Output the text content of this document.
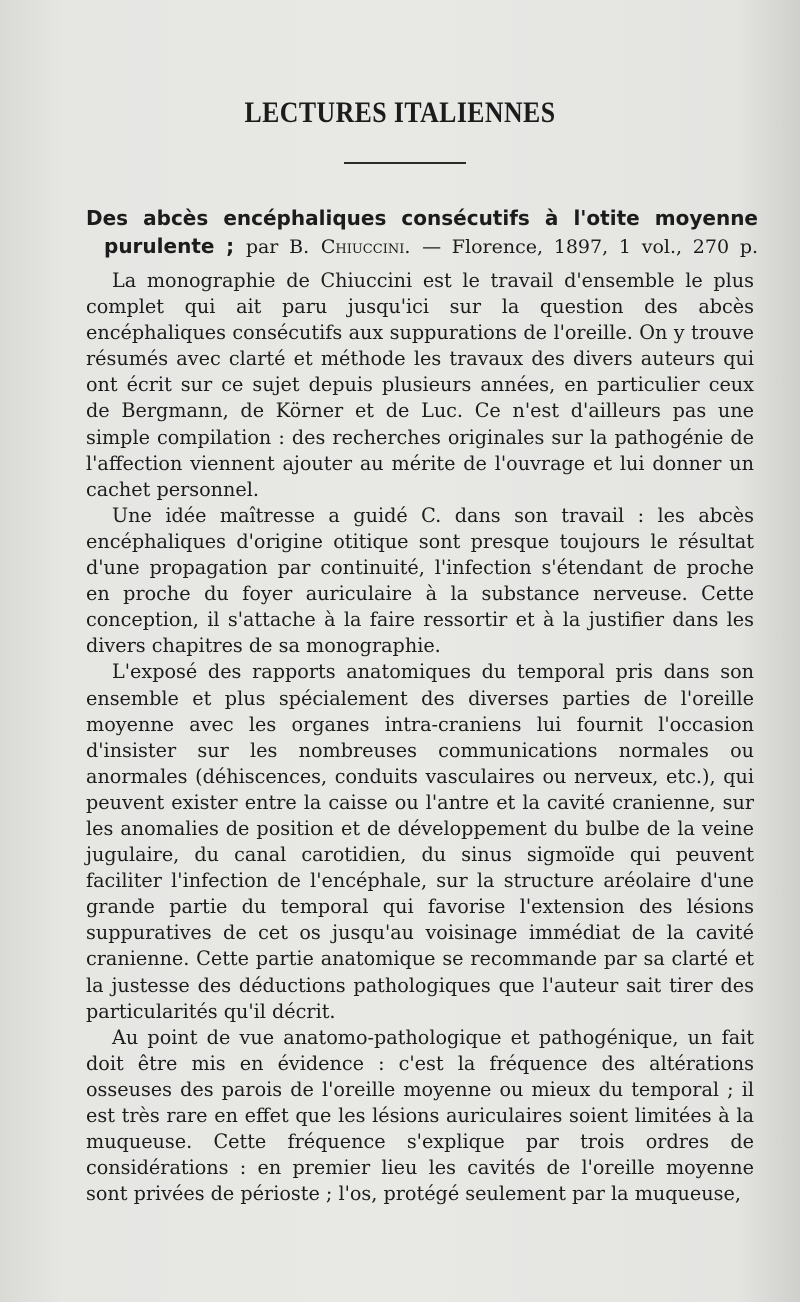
LECTURES ITALIENNES
Des abcès encéphaliques consécutifs à l'otite moyenne
purulente ; par B. Chiuccini. — Florence, 1897, 1 vol., 270 p.

La monographie de Chiuccini est le travail d'ensemble le plus complet qui ait paru jusqu'ici sur la question des abcès encéphaliques consécutifs aux suppurations de l'oreille. On y trouve résumés avec clarté et méthode les travaux des divers auteurs qui ont écrit sur ce sujet depuis plusieurs années, en particulier ceux de Bergmann, de Körner et de Luc. Ce n'est d'ailleurs pas une simple compilation : des recherches originales sur la pathogénie de l'affection viennent ajouter au mérite de l'ouvrage et lui donner un cachet personnel.

Une idée maîtresse a guidé C. dans son travail : les abcès encéphaliques d'origine otitique sont presque toujours le résultat d'une propagation par continuité, l'infection s'étendant de proche en proche du foyer auriculaire à la substance nerveuse. Cette conception, il s'attache à la faire ressortir et à la justifier dans les divers chapitres de sa monographie.

L'exposé des rapports anatomiques du temporal pris dans son ensemble et plus spécialement des diverses parties de l'oreille moyenne avec les organes intra-craniens lui fournit l'occasion d'insister sur les nombreuses communications normales ou anormales (déhiscences, conduits vasculaires ou nerveux, etc.), qui peuvent exister entre la caisse ou l'antre et la cavité cranienne, sur les anomalies de position et de développement du bulbe de la veine jugulaire, du canal carotidien, du sinus sigmoïde qui peuvent faciliter l'infection de l'encéphale, sur la structure aréolaire d'une grande partie du temporal qui favorise l'extension des lésions suppuratives de cet os jusqu'au voisinage immédiat de la cavité cranienne. Cette partie anatomique se recommande par sa clarté et la justesse des déductions pathologiques que l'auteur sait tirer des particularités qu'il décrit.

Au point de vue anatomo-pathologique et pathogénique, un fait doit être mis en évidence : c'est la fréquence des altérations osseuses des parois de l'oreille moyenne ou mieux du temporal ; il est très rare en effet que les lésions auriculaires soient limitées à la muqueuse. Cette fréquence s'explique par trois ordres de considérations : en premier lieu les cavités de l'oreille moyenne sont privées de périoste ; l'os, protégé seulement par la muqueuse,
